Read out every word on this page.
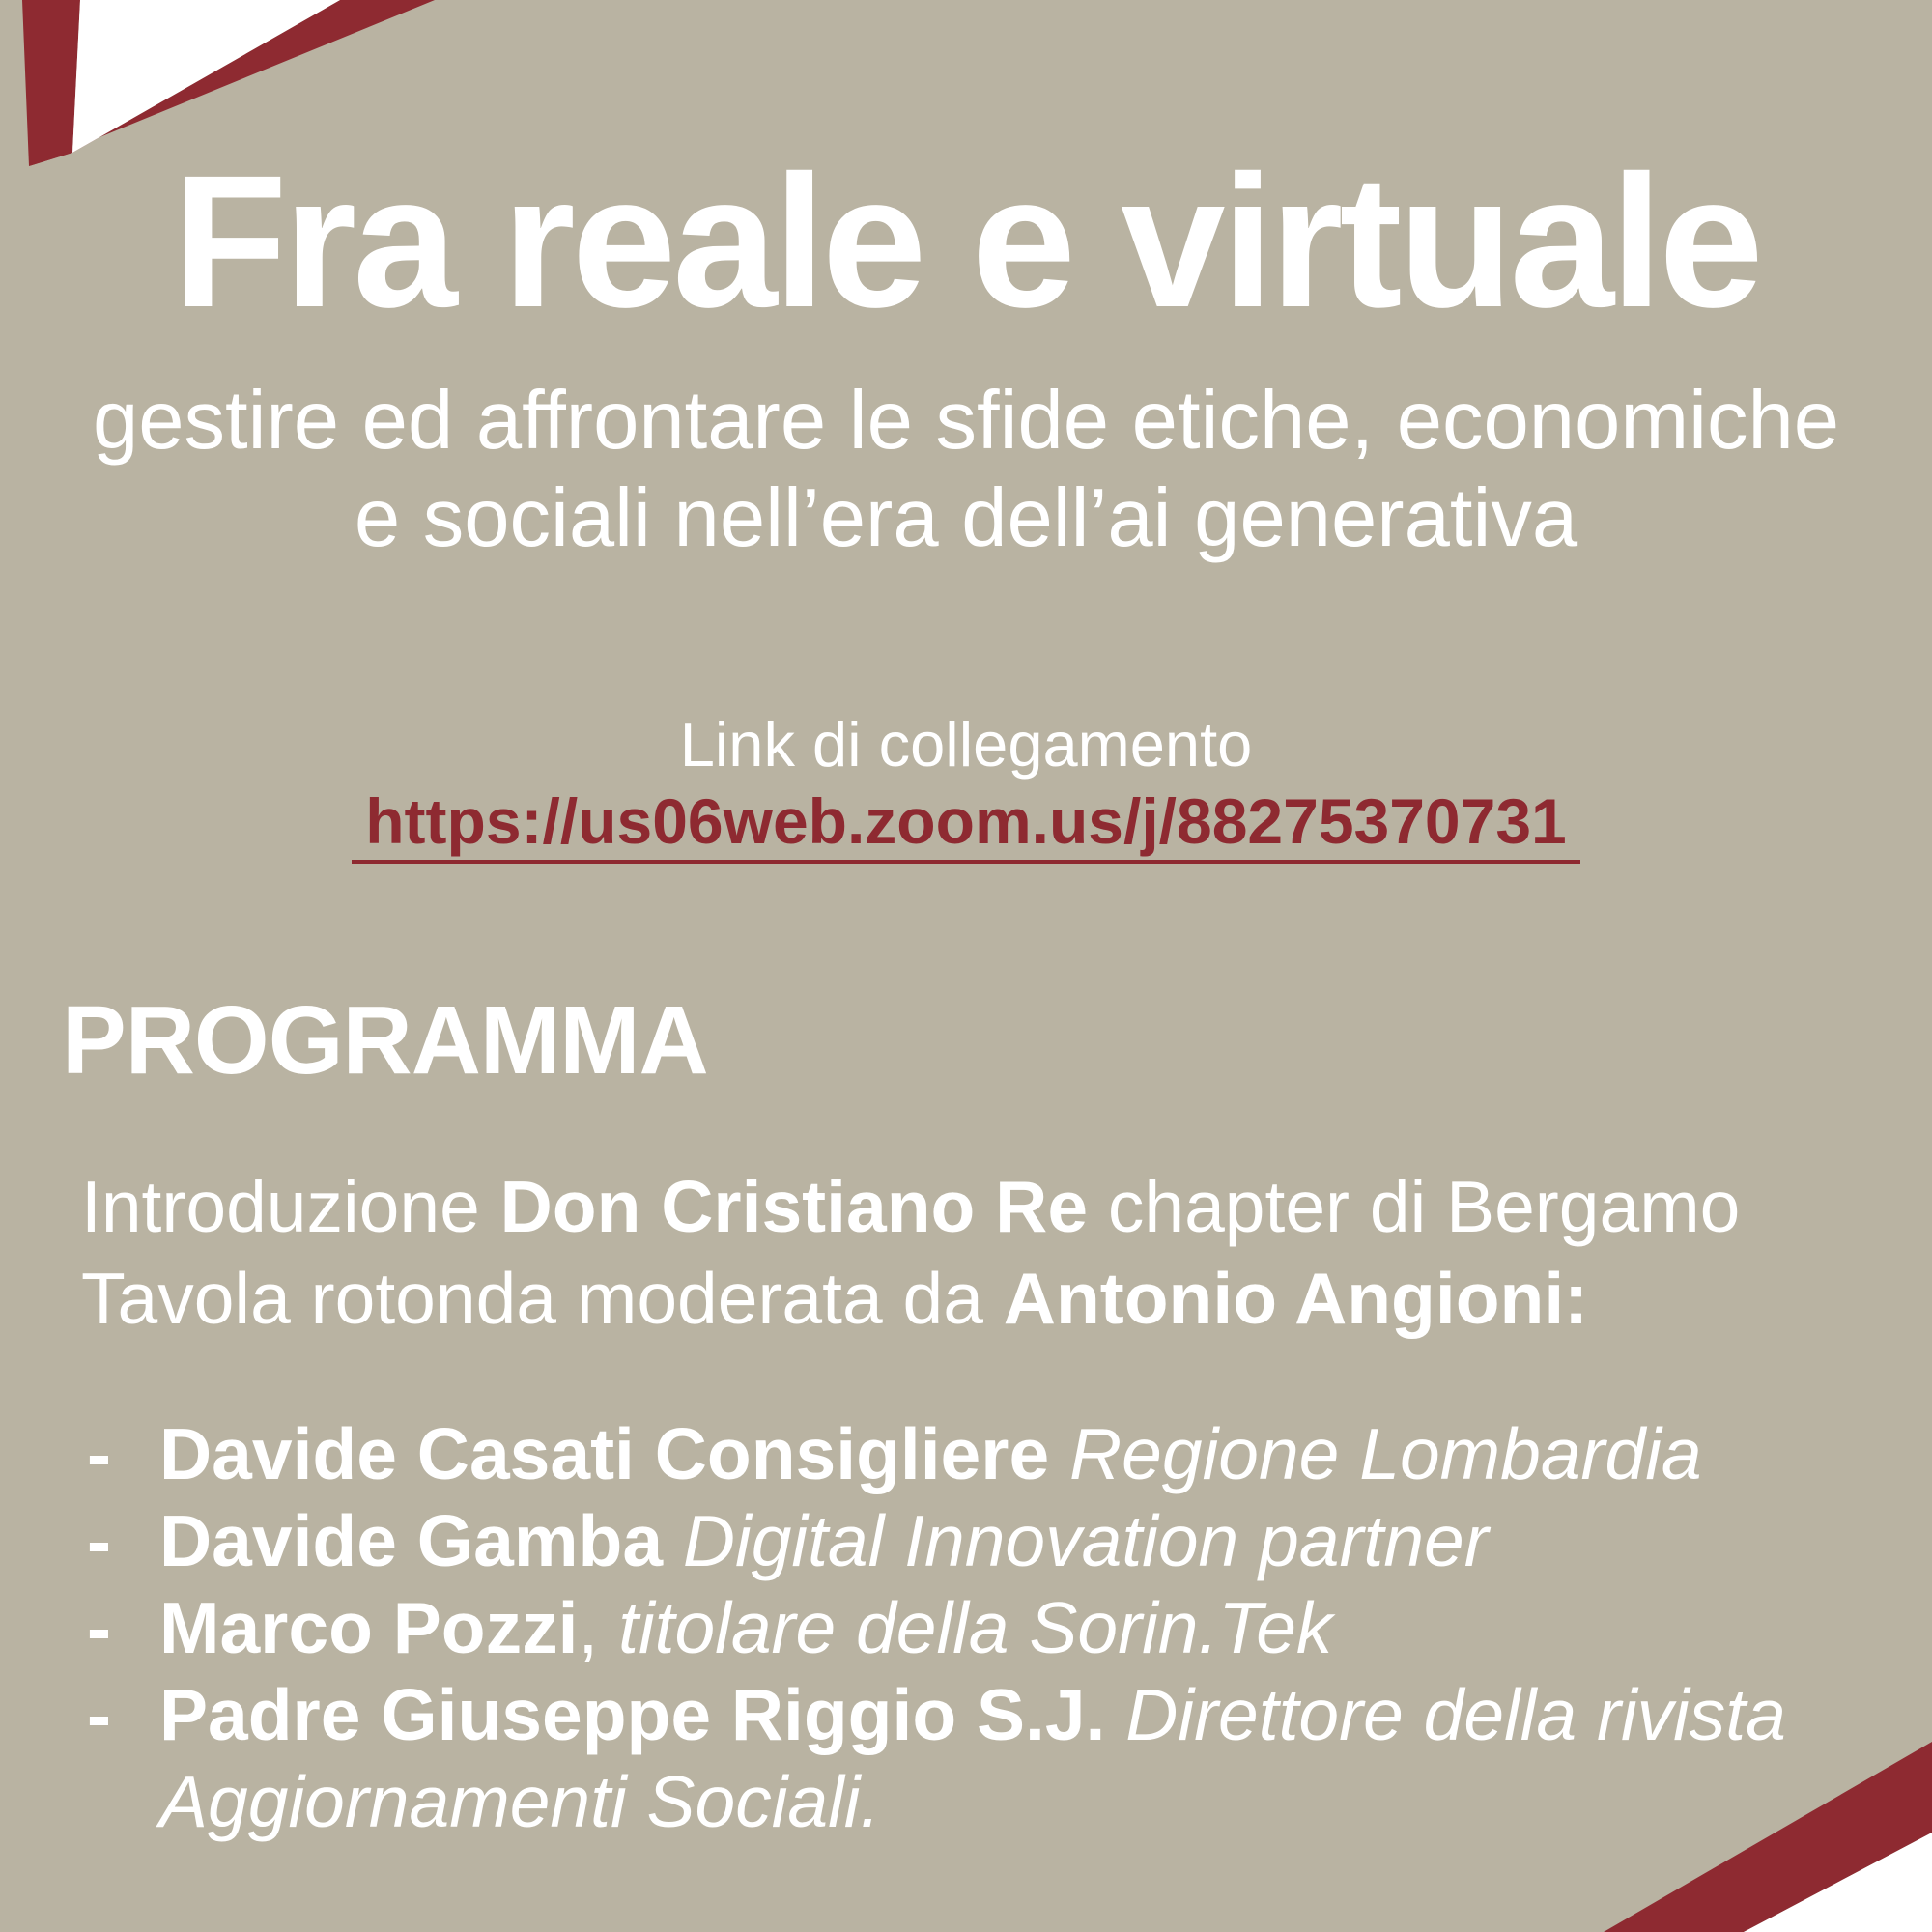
Fra reale e virtuale
gestire ed affrontare le sfide etiche, economiche
e sociali nell’era dell’ai generativa
Link di collegamento
https://us06web.zoom.us/j/88275370731
PROGRAMMA

Introduzione Don Cristiano Re chapter di Bergamo
Tavola rotonda moderata da Antonio Angioni:

- Davide Casati Consigliere Regione Lombardia
- Davide Gamba Digital Innovation partner
- Marco Pozzi, titolare della Sorin.Tek
- Padre Giuseppe Riggio S.J. Direttore della rivista Aggiornamenti Sociali.
